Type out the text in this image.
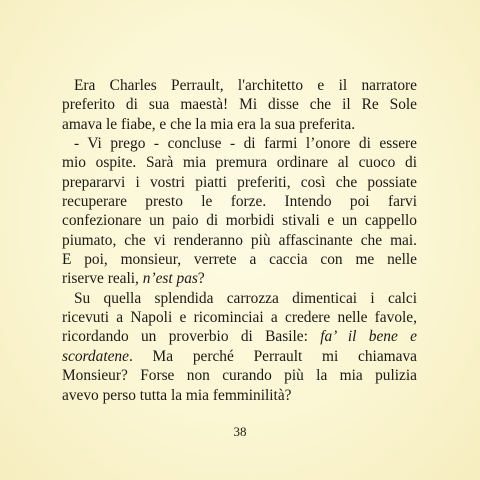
Era Charles Perrault, l'architetto e il narratore
preferito di sua maestà! Mi disse che il Re Sole
amava le fiabe, e che la mia era la sua preferita.

- Vi prego - concluse - di farmi l’onore di essere
mio ospite. Sarà mia premura ordinare al cuoco di
prepararvi i vostri piatti preferiti, così che possiate
recuperare presto le forze. Intendo poi farvi
confezionare un paio di morbidi stivali e un cappello
piumato, che vi renderanno più affascinante che mai.
E poi, monsieur, verrete a caccia con me nelle
riserve reali, n’est pas?

Su quella splendida carrozza dimenticai i calci
ricevuti a Napoli e ricominciai a credere nelle favole,
ricordando un proverbio di Basile: fa’ il bene e
scordatene. Ma perché Perrault mi chiamava
Monsieur? Forse non curando più la mia pulizia
avevo perso tutta la mia femminilità?

38
